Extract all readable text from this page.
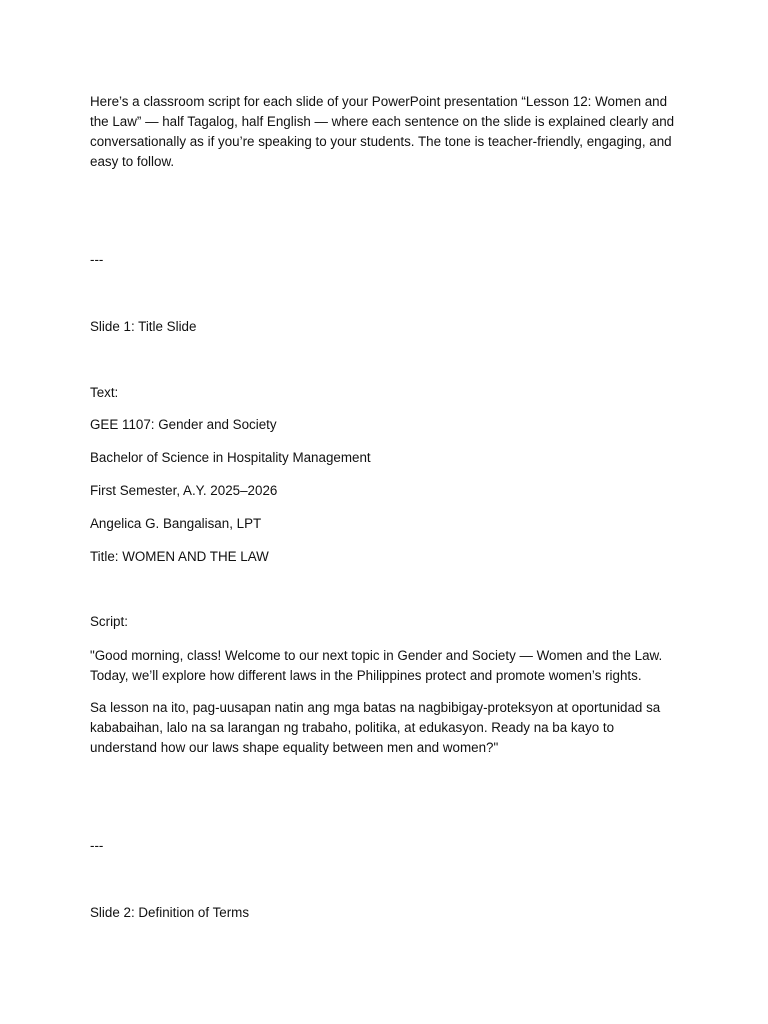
Here’s a classroom script for each slide of your PowerPoint presentation “Lesson 12: Women and the Law” — half Tagalog, half English — where each sentence on the slide is explained clearly and conversationally as if you’re speaking to your students. The tone is teacher-friendly, engaging, and easy to follow.

---

Slide 1: Title Slide

Text:

GEE 1107: Gender and Society

Bachelor of Science in Hospitality Management

First Semester, A.Y. 2025–2026

Angelica G. Bangalisan, LPT

Title: WOMEN AND THE LAW

Script:

"Good morning, class! Welcome to our next topic in Gender and Society — Women and the Law. Today, we’ll explore how different laws in the Philippines protect and promote women’s rights.

Sa lesson na ito, pag-uusapan natin ang mga batas na nagbibigay-proteksyon at oportunidad sa kababaihan, lalo na sa larangan ng trabaho, politika, at edukasyon. Ready na ba kayo to understand how our laws shape equality between men and women?"

---

Slide 2: Definition of Terms
